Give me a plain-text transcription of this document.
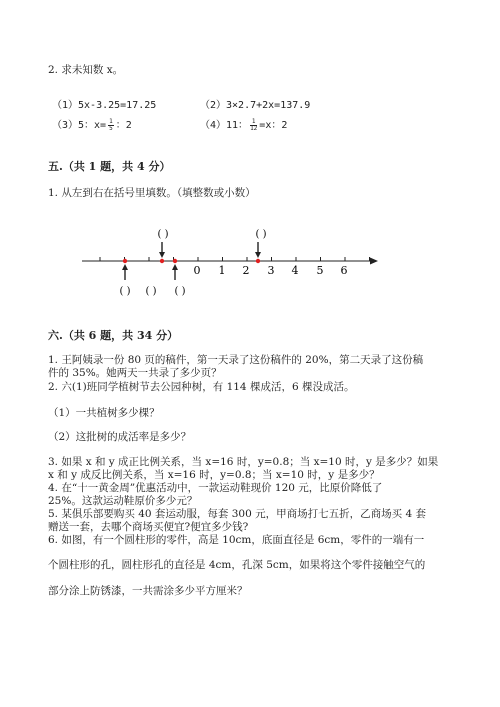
2. 求未知数 x。
（1）5x-3.25=17.25	（2）3×2.7+2x=137.9
（3）5：$x= \frac{1}{5}$ ：2	（4）11： $\frac{1}{12} =x$：2
五.（共 1 题，共 4 分）
1. 从左到右在括号里填数。（填整数或小数）
0 1 2 3 4 5 6
( )	( )
( ) ( ) ( )
六.（共 6 题，共 34 分）
1. 王阿姨录一份 80 页的稿件，第一天录了这份稿件的 20%，第二天录了这份稿
件的 35%。她两天一共录了多少页？
2. 六(1)班同学植树节去公园种树，有 114 棵成活，6 棵没成活。
（1）一共植树多少棵？
（2）这批树的成活率是多少？
3. 如果 x 和 y 成正比例关系，当 x=16 时，y=0.8；当 x=10 时，y 是多少？如果
x 和 y 成反比例关系，当 x=16 时，y=0.8；当 x=10 时，y 是多少？
4. 在“十一黄金周”优惠活动中，一款运动鞋现价 120 元，比原价降低了
25%。这款运动鞋原价多少元？
5. 某俱乐部要购买 40 套运动服，每套 300 元，甲商场打七五折，乙商场买 4 套
赠送一套，去哪个商场买便宜?便宜多少钱?
6. 如图，有一个圆柱形的零件，高是 10cm，底面直径是 6cm，零件的一端有一
个圆柱形的孔，圆柱形孔的直径是 4cm，孔深 5cm，如果将这个零件接触空气的
部分涂上防锈漆，一共需涂多少平方厘米？
